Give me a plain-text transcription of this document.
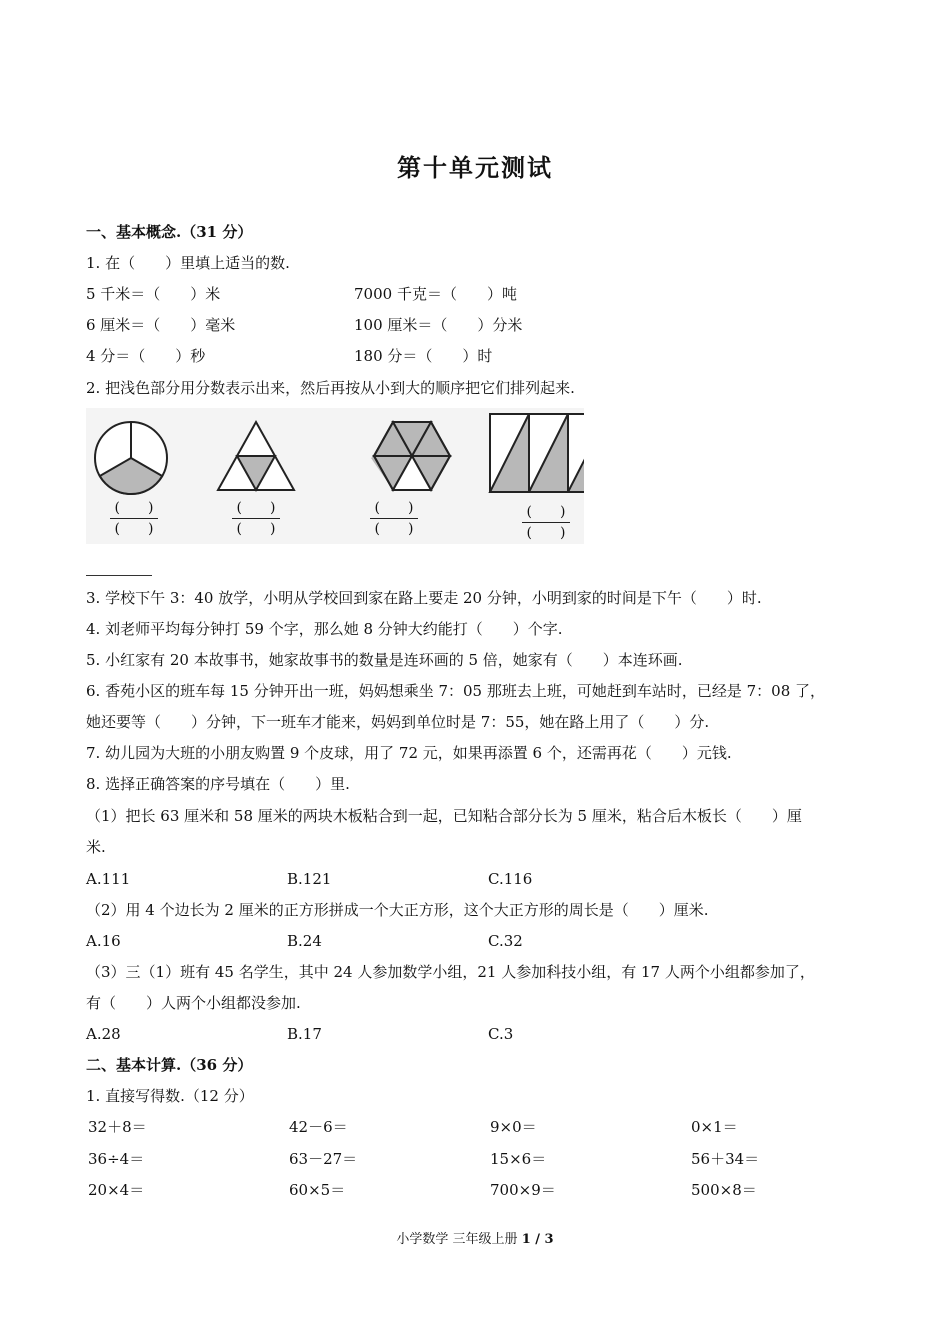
第十单元测试
一、基本概念.（31 分）
1. 在（　　）里填上适当的数.
5 千米＝（　　）米	7000 千克＝（　　）吨
6 厘米＝（　　）毫米	100 厘米＝（　　）分米
4 分＝（　　）秒	180 分＝（　　）时
2. 把浅色部分用分数表示出来，然后再按从小到大的顺序把它们排列起来.
(　　)
(　　)
(　　)
(　　)
(　　)
(　　)
(　　)
(　　)
3. 学校下午 3：40 放学，小明从学校回到家在路上要走 20 分钟，小明到家的时间是下午（　　）时.
4. 刘老师平均每分钟打 59 个字，那么她 8 分钟大约能打（　　）个字.
5. 小红家有 20 本故事书，她家故事书的数量是连环画的 5 倍，她家有（　　）本连环画.
6. 香苑小区的班车每 15 分钟开出一班，妈妈想乘坐 7：05 那班去上班，可她赶到车站时，已经是 7：08 了，
她还要等（　　）分钟，下一班车才能来，妈妈到单位时是 7：55，她在路上用了（　　）分.
7. 幼儿园为大班的小朋友购置 9 个皮球，用了 72 元，如果再添置 6 个，还需再花（　　）元钱.
8. 选择正确答案的序号填在（　　）里.
（1）把长 63 厘米和 58 厘米的两块木板粘合到一起，已知粘合部分长为 5 厘米，粘合后木板长（　　）厘
米.
A.111	B.121	C.116
（2）用 4 个边长为 2 厘米的正方形拼成一个大正方形，这个大正方形的周长是（　　）厘米.
A.16	B.24	C.32
（3）三（1）班有 45 名学生，其中 24 人参加数学小组，21 人参加科技小组，有 17 人两个小组都参加了，
有（　　）人两个小组都没参加.
A.28	B.17	C.3
二、基本计算.（36 分）
1. 直接写得数.（12 分）
32＋8＝	42－6＝	9×0＝	0×1＝
36÷4＝	63－27＝	15×6＝	56＋34＝
20×4＝	60×5＝	700×9＝	500×8＝
小学数学 三年级上册 1 / 3
